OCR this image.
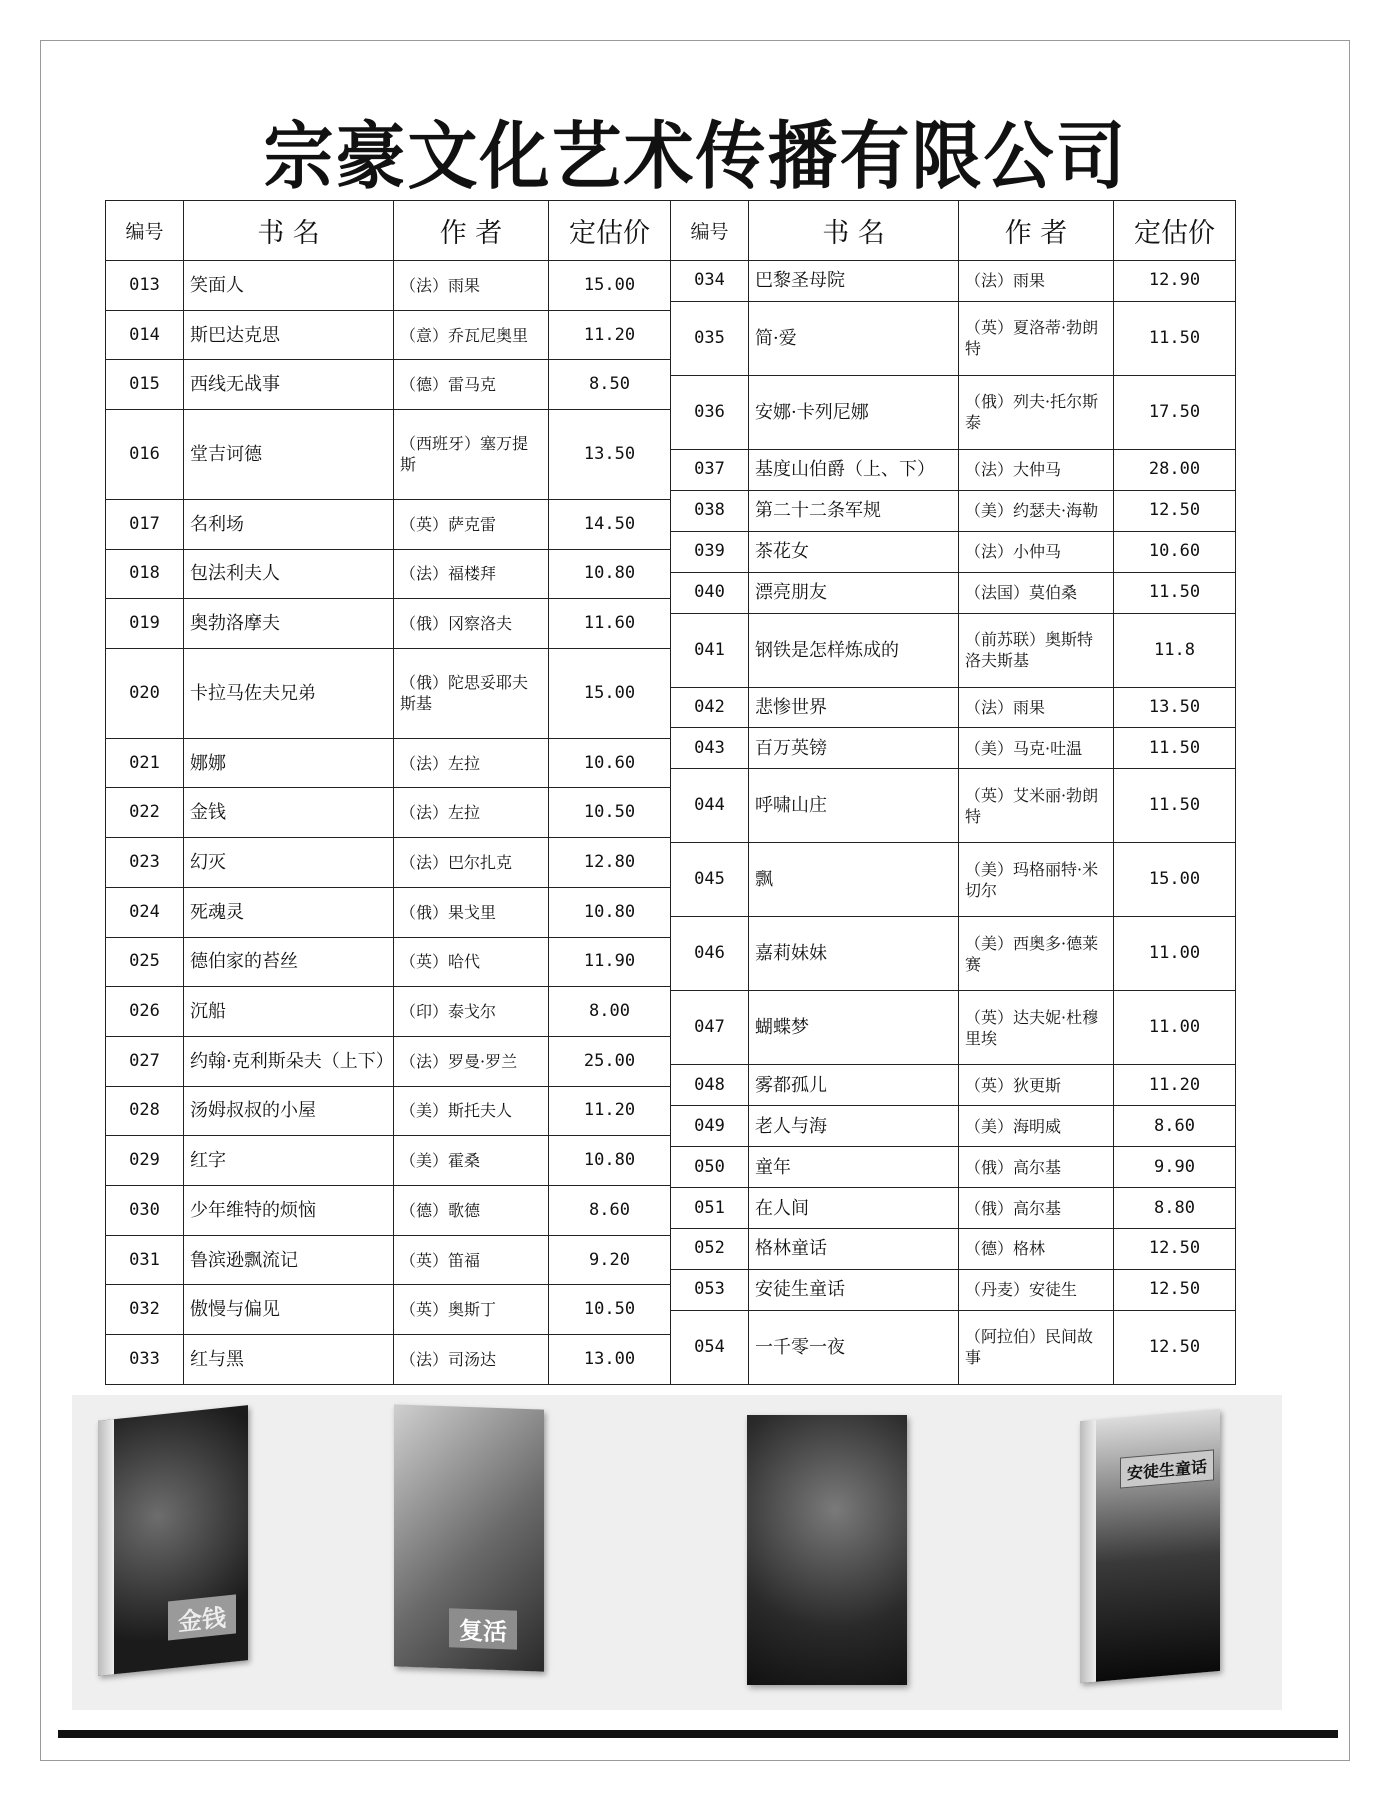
宗豪文化艺术传播有限公司
编号	书 名	作 者	定估价
013	笑面人	（法）雨果	15.00
014	斯巴达克思	（意）乔瓦尼奥里	11.20
015	西线无战事	（德）雷马克	8.50
016	堂吉诃德	（西班牙）塞万提斯	13.50
017	名利场	（英）萨克雷	14.50
018	包法利夫人	（法）福楼拜	10.80
019	奥勃洛摩夫	（俄）冈察洛夫	11.60
020	卡拉马佐夫兄弟	（俄）陀思妥耶夫斯基	15.00
021	娜娜	（法）左拉	10.60
022	金钱	（法）左拉	10.50
023	幻灭	（法）巴尔扎克	12.80
024	死魂灵	（俄）果戈里	10.80
025	德伯家的苔丝	（英）哈代	11.90
026	沉船	（印）泰戈尔	8.00
027	约翰·克利斯朵夫（上下）	（法）罗曼·罗兰	25.00
028	汤姆叔叔的小屋	（美）斯托夫人	11.20
029	红字	（美）霍桑	10.80
030	少年维特的烦恼	（德）歌德	8.60
031	鲁滨逊飘流记	（英）笛福	9.20
032	傲慢与偏见	（英）奥斯丁	10.50
033	红与黑	（法）司汤达	13.00
编号	书 名	作 者	定估价
034	巴黎圣母院	（法）雨果	12.90
035	简·爱	（英）夏洛蒂·勃朗特	11.50
036	安娜·卡列尼娜	（俄）列夫·托尔斯泰	17.50
037	基度山伯爵（上、下）	（法）大仲马	28.00
038	第二十二条军规	（美）约瑟夫·海勒	12.50
039	茶花女	（法）小仲马	10.60
040	漂亮朋友	（法国）莫伯桑	11.50
041	钢铁是怎样炼成的	（前苏联）奥斯特洛夫斯基	11.8
042	悲惨世界	（法）雨果	13.50
043	百万英镑	（美）马克·吐温	11.50
044	呼啸山庄	（英）艾米丽·勃朗特	11.50
045	飘	（美）玛格丽特·米切尔	15.00
046	嘉莉妹妹	（美）西奥多·德莱赛	11.00
047	蝴蝶梦	（英）达夫妮·杜穆里埃	11.00
048	雾都孤儿	（英）狄更斯	11.20
049	老人与海	（美）海明威	8.60
050	童年	（俄）高尔基	9.90
051	在人间	（俄）高尔基	8.80
052	格林童话	（德）格林	12.50
053	安徒生童话	（丹麦）安徒生	12.50
054	一千零一夜	（阿拉伯）民间故事	12.50
金钱	复活
安徒生童话
